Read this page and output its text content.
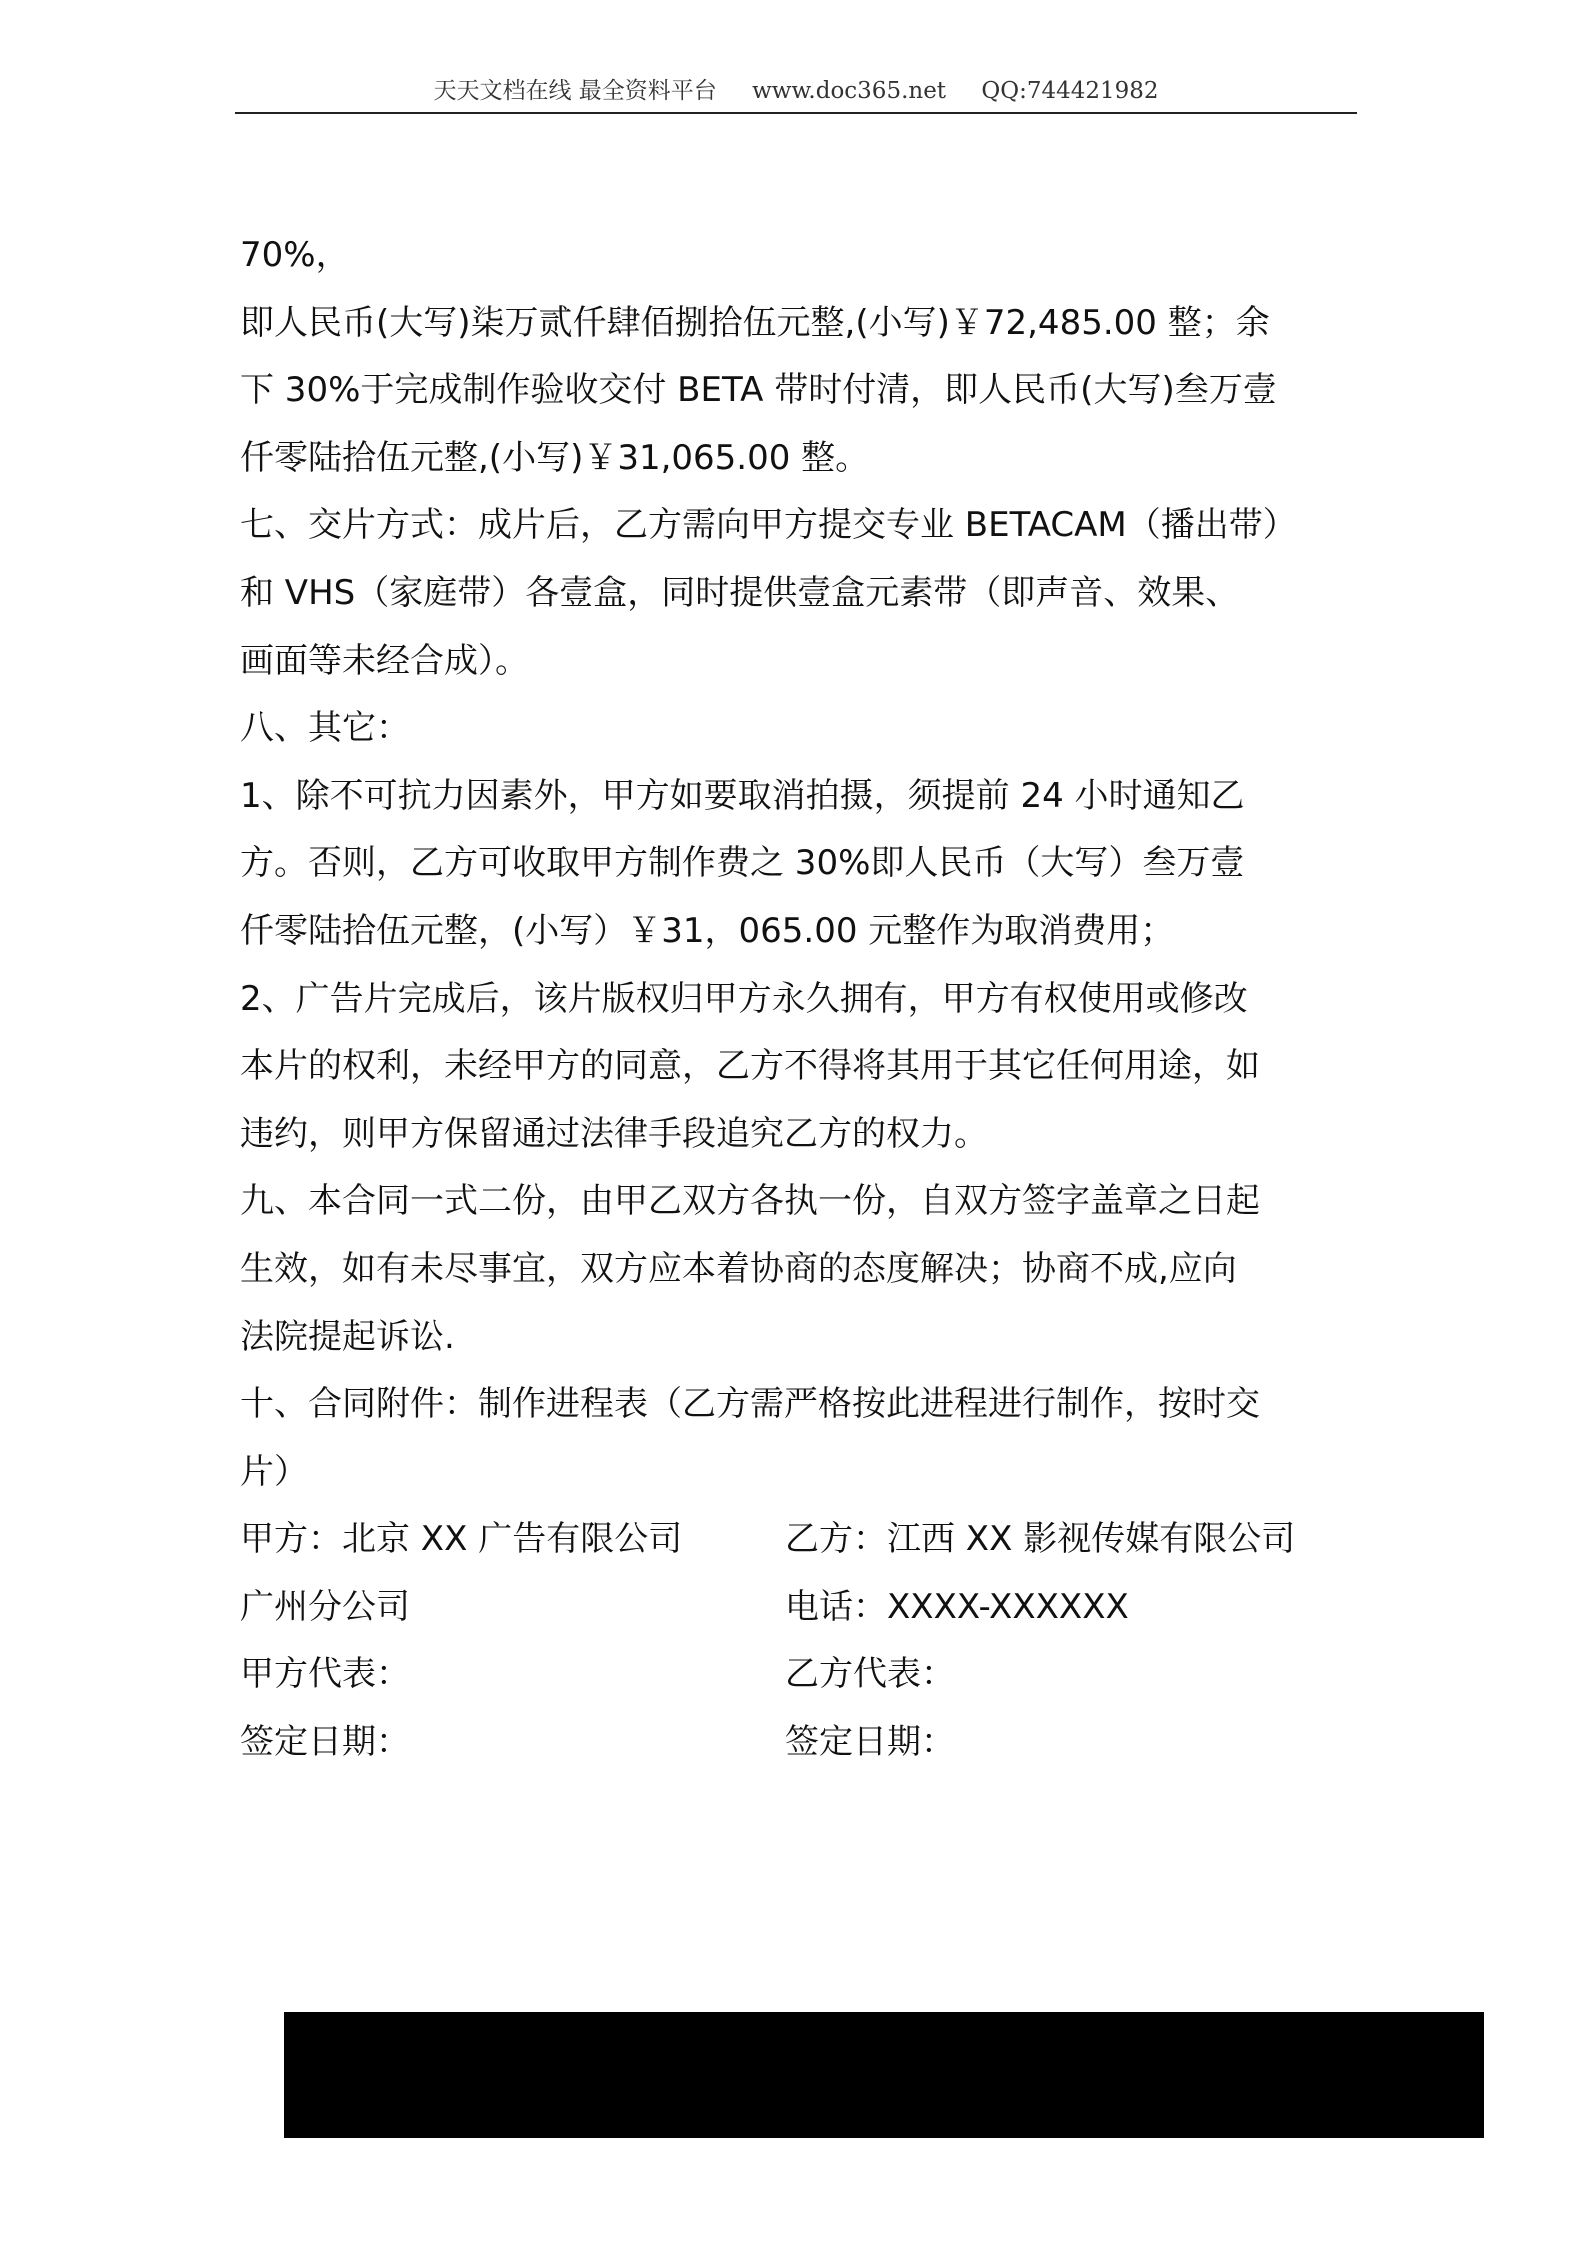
天天文档在线 最全资料平台 www.doc365.net QQ:744421982

70%，

即人民币(大写)柒万贰仟肆佰捌拾伍元整,(小写)￥72,485.00 整；余

下 30%于完成制作验收交付 BETA 带时付清，即人民币(大写)叁万壹

仟零陆拾伍元整,(小写)￥31,065.00 整。

七、交片方式：成片后，乙方需向甲方提交专业 BETACAM（播出带）

和 VHS（家庭带）各壹盒，同时提供壹盒元素带（即声音、效果、

画面等未经合成）。

八、其它：

1、除不可抗力因素外，甲方如要取消拍摄，须提前 24 小时通知乙

方。否则，乙方可收取甲方制作费之 30%即人民币（大写）叁万壹

仟零陆拾伍元整，(小写）￥31，065.00 元整作为取消费用；

2、广告片完成后，该片版权归甲方永久拥有，甲方有权使用或修改

本片的权利，未经甲方的同意，乙方不得将其用于其它任何用途，如

违约，则甲方保留通过法律手段追究乙方的权力。

九、本合同一式二份，由甲乙双方各执一份，自双方签字盖章之日起

生效，如有未尽事宜，双方应本着协商的态度解决；协商不成,应向

法院提起诉讼.

十、合同附件：制作进程表（乙方需严格按此进程进行制作，按时交

片）

甲方：北京 XX 广告有限公司	乙方：江西 XX 影视传媒有限公司
广州分公司	电话：XXXX-XXXXXX
甲方代表：	乙方代表：
签定日期：	签定日期：
